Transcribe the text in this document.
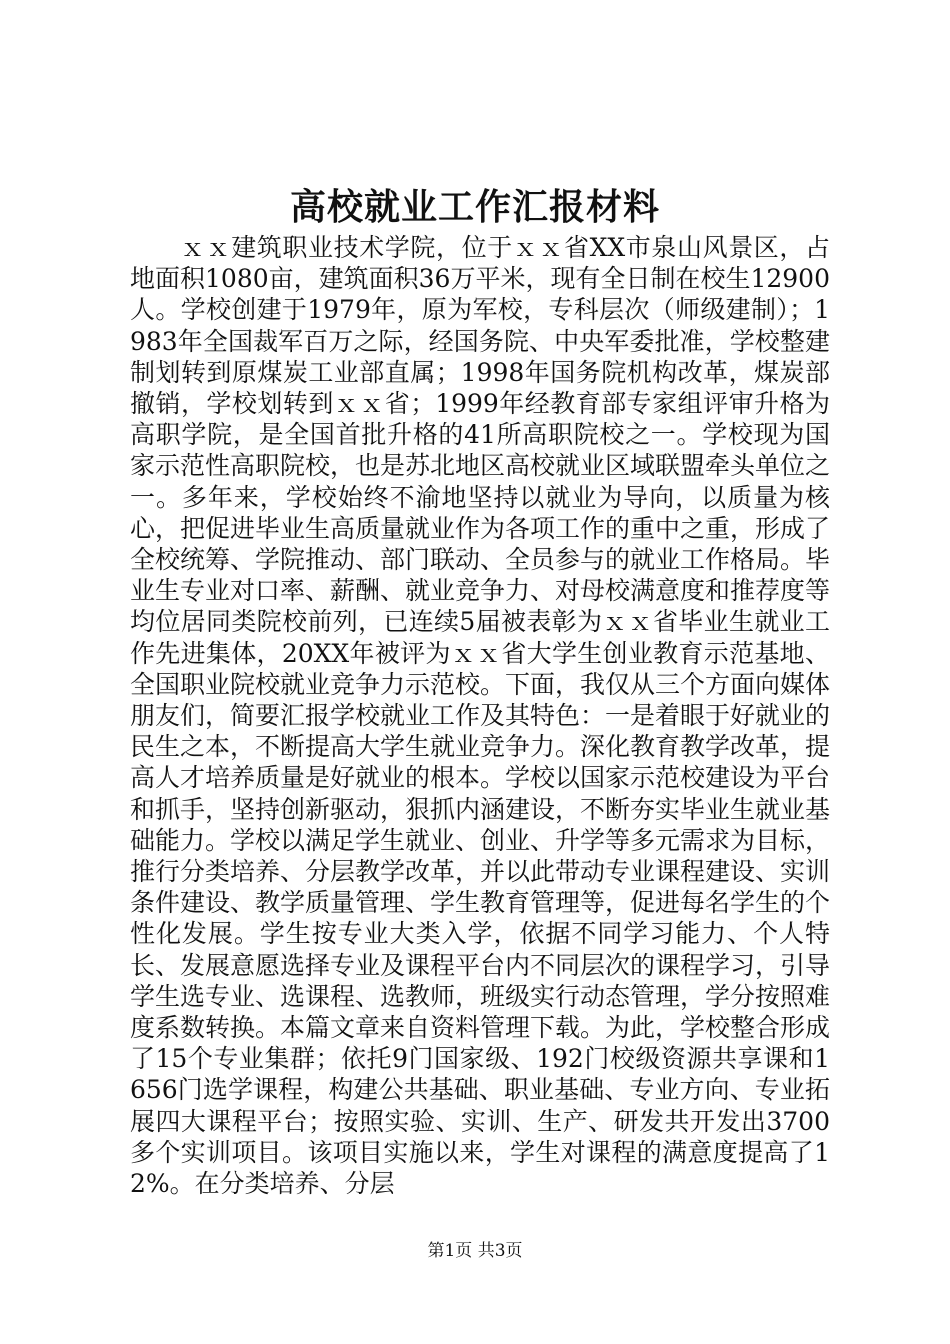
高校就业工作汇报材料

ｘｘ建筑职业技术学院，位于ｘｘ省XX市泉山风景区，占地面积1080亩，建筑面积36万平米，现有全日制在校生12900人。学校创建于1979年，原为军校，专科层次（师级建制）；1983年全国裁军百万之际，经国务院、中央军委批准，学校整建制划转到原煤炭工业部直属；1998年国务院机构改革，煤炭部撤销，学校划转到ｘｘ省；1999年经教育部专家组评审升格为高职学院，是全国首批升格的41所高职院校之一。学校现为国家示范性高职院校，也是苏北地区高校就业区域联盟牵头单位之一。多年来，学校始终不渝地坚持以就业为导向，以质量为核心，把促进毕业生高质量就业作为各项工作的重中之重，形成了全校统筹、学院推动、部门联动、全员参与的就业工作格局。毕业生专业对口率、薪酬、就业竞争力、对母校满意度和推荐度等均位居同类院校前列，已连续5届被表彰为ｘｘ省毕业生就业工作先进集体，20XX年被评为ｘｘ省大学生创业教育示范基地、全国职业院校就业竞争力示范校。下面，我仅从三个方面向媒体朋友们，简要汇报学校就业工作及其特色：一是着眼于好就业的民生之本，不断提高大学生就业竞争力。深化教育教学改革，提高人才培养质量是好就业的根本。学校以国家示范校建设为平台和抓手，坚持创新驱动，狠抓内涵建设，不断夯实毕业生就业基础能力。学校以满足学生就业、创业、升学等多元需求为目标，推行分类培养、分层教学改革，并以此带动专业课程建设、实训条件建设、教学质量管理、学生教育管理等，促进每名学生的个性化发展。学生按专业大类入学，依据不同学习能力、个人特长、发展意愿选择专业及课程平台内不同层次的课程学习，引导学生选专业、选课程、选教师，班级实行动态管理，学分按照难度系数转换。本篇文章来自资料管理下载。为此，学校整合形成了15个专业集群；依托9门国家级、192门校级资源共享课和1656门选学课程，构建公共基础、职业基础、专业方向、专业拓展四大课程平台；按照实验、实训、生产、研发共开发出3700多个实训项目。该项目实施以来，学生对课程的满意度提高了12%。在分类培养、分层

第1页 共3页
